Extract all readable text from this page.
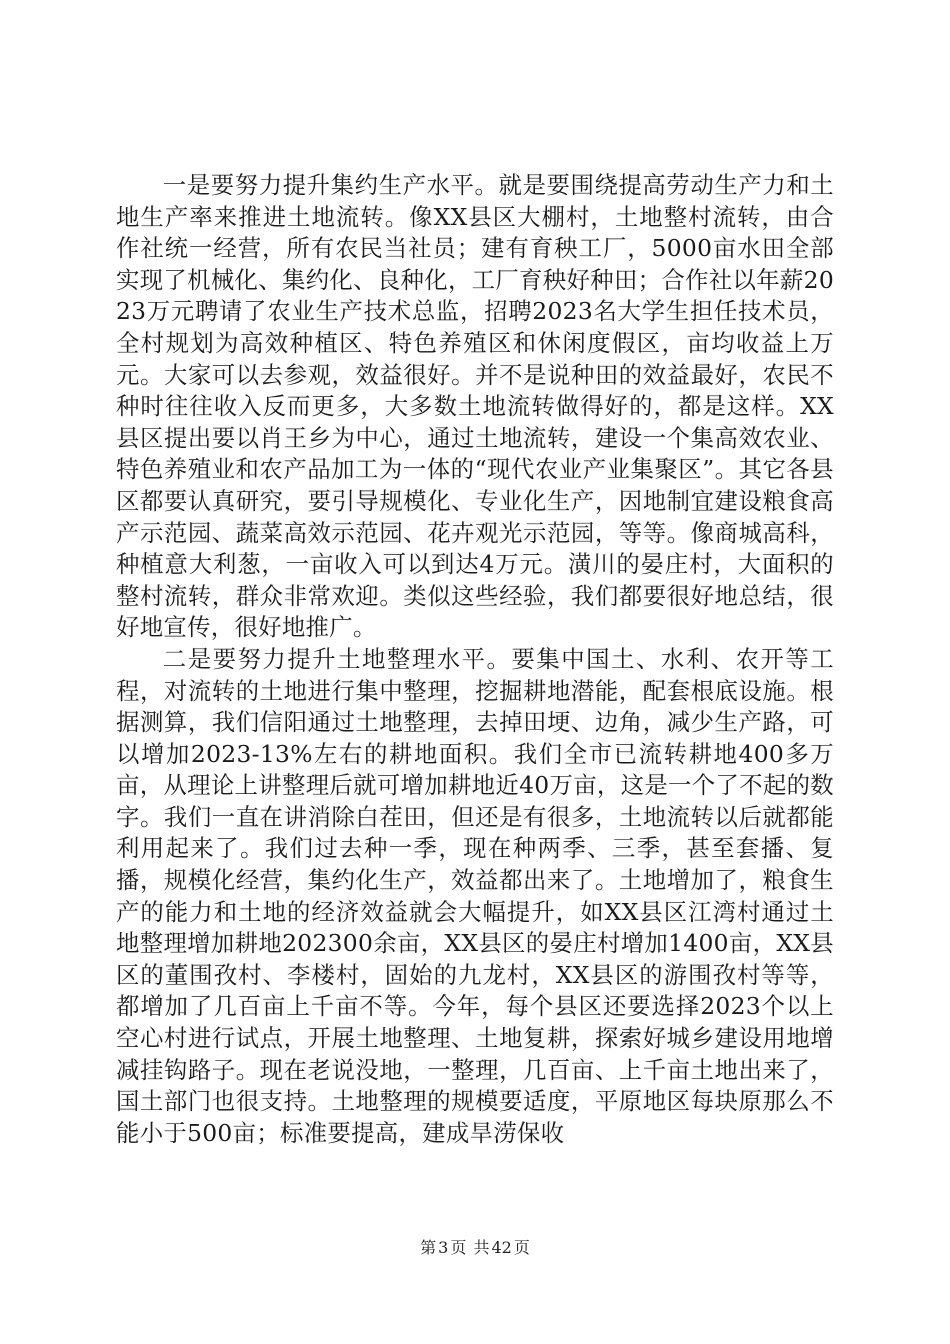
一是要努力提升集约生产水平。就是要围绕提高劳动生产力和土地生产率来推进土地流转。像XX县区大棚村，土地整村流转，由合作社统一经营，所有农民当社员；建有育秧工厂，5000亩水田全部实现了机械化、集约化、良种化，工厂育秧好种田；合作社以年薪2023万元聘请了农业生产技术总监，招聘2023名大学生担任技术员，全村规划为高效种植区、特色养殖区和休闲度假区，亩均收益上万元。大家可以去参观，效益很好。并不是说种田的效益最好，农民不种时往往收入反而更多，大多数土地流转做得好的，都是这样。XX县区提出要以肖王乡为中心，通过土地流转，建设一个集高效农业、特色养殖业和农产品加工为一体的“现代农业产业集聚区”。其它各县区都要认真研究，要引导规模化、专业化生产，因地制宜建设粮食高产示范园、蔬菜高效示范园、花卉观光示范园，等等。像商城高科，种植意大利葱，一亩收入可以到达4万元。潢川的晏庄村，大面积的整村流转，群众非常欢迎。类似这些经验，我们都要很好地总结，很好地宣传，很好地推广。

二是要努力提升土地整理水平。要集中国土、水利、农开等工程，对流转的土地进行集中整理，挖掘耕地潜能，配套根底设施。根据测算，我们信阳通过土地整理，去掉田埂、边角，减少生产路，可以增加2023-13%左右的耕地面积。我们全市已流转耕地400多万亩，从理论上讲整理后就可增加耕地近40万亩，这是一个了不起的数字。我们一直在讲消除白茬田，但还是有很多，土地流转以后就都能利用起来了。我们过去种一季，现在种两季、三季，甚至套播、复播，规模化经营，集约化生产，效益都出来了。土地增加了，粮食生产的能力和土地的经济效益就会大幅提升，如XX县区江湾村通过土地整理增加耕地202300余亩，XX县区的晏庄村增加1400亩，XX县区的董围孜村、李楼村，固始的九龙村，XX县区的游围孜村等等，都增加了几百亩上千亩不等。今年，每个县区还要选择2023个以上空心村进行试点，开展土地整理、土地复耕，探索好城乡建设用地增减挂钩路子。现在老说没地，一整理，几百亩、上千亩土地出来了，国土部门也很支持。土地整理的规模要适度，平原地区每块原那么不能小于500亩；标准要提高，建成旱涝保收

第 3 页 共 42 页
